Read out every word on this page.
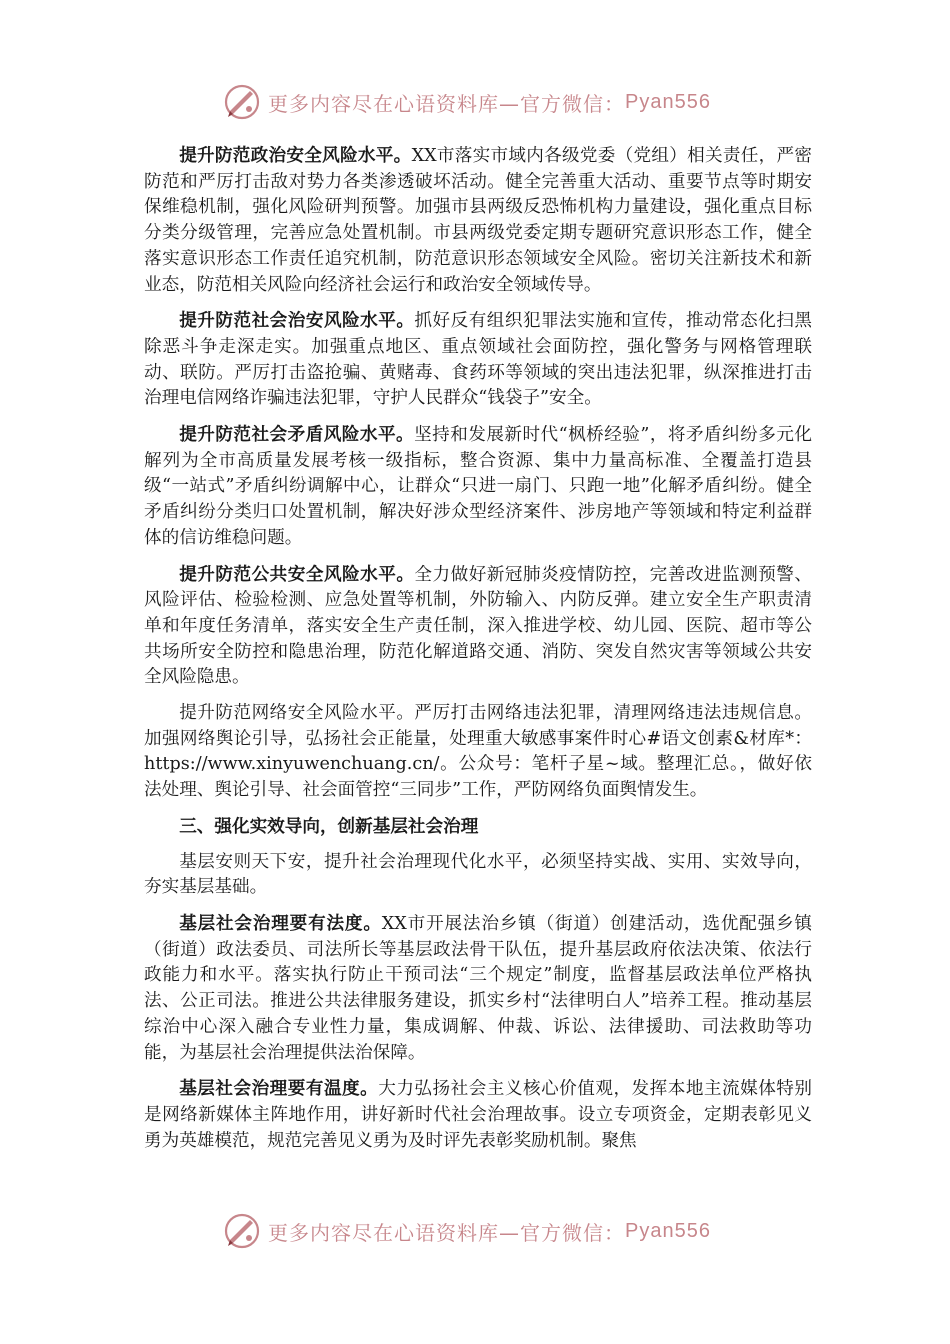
更多内容尽在心语资料库—官方微信： Pyan556

提升防范政治安全风险水平。XX市落实市域内各级党委（党组）相关责任，严密防范和严厉打击敌对势力各类渗透破坏活动。健全完善重大活动、重要节点等时期安保维稳机制，强化风险研判预警。加强市县两级反恐怖机构力量建设，强化重点目标分类分级管理，完善应急处置机制。市县两级党委定期专题研究意识形态工作，健全落实意识形态工作责任追究机制，防范意识形态领域安全风险。密切关注新技术和新业态，防范相关风险向经济社会运行和政治安全领域传导。

提升防范社会治安风险水平。抓好反有组织犯罪法实施和宣传，推动常态化扫黑除恶斗争走深走实。加强重点地区、重点领域社会面防控，强化警务与网格管理联动、联防。严厉打击盗抢骗、黄赌毒、食药环等领域的突出违法犯罪，纵深推进打击治理电信网络诈骗违法犯罪，守护人民群众“钱袋子”安全。

提升防范社会矛盾风险水平。坚持和发展新时代“枫桥经验”，将矛盾纠纷多元化解列为全市高质量发展考核一级指标，整合资源、集中力量高标准、全覆盖打造县级“一站式”矛盾纠纷调解中心，让群众“只进一扇门、只跑一地”化解矛盾纠纷。健全矛盾纠纷分类归口处置机制，解决好涉众型经济案件、涉房地产等领域和特定利益群体的信访维稳问题。

提升防范公共安全风险水平。全力做好新冠肺炎疫情防控，完善改进监测预警、风险评估、检验检测、应急处置等机制，外防输入、内防反弹。建立安全生产职责清单和年度任务清单，落实安全生产责任制，深入推进学校、幼儿园、医院、超市等公共场所安全防控和隐患治理，防范化解道路交通、消防、突发自然灾害等领域公共安全风险隐患。

提升防范网络安全风险水平。严厉打击网络违法犯罪，清理网络违法违规信息。加强网络舆论引导，弘扬社会正能量，处理重大敏感事案件时心#语文创素&材库*：https://www.xinyuwenchuang.cn/。公众号：笔杆子星~域。整理汇总。，做好依法处理、舆论引导、社会面管控“三同步”工作，严防网络负面舆情发生。

三、强化实效导向，创新基层社会治理

基层安则天下安，提升社会治理现代化水平，必须坚持实战、实用、实效导向，夯实基层基础。

基层社会治理要有法度。XX市开展法治乡镇（街道）创建活动，选优配强乡镇（街道）政法委员、司法所长等基层政法骨干队伍，提升基层政府依法决策、依法行政能力和水平。落实执行防止干预司法“三个规定”制度，监督基层政法单位严格执法、公正司法。推进公共法律服务建设，抓实乡村“法律明白人”培养工程。推动基层综治中心深入融合专业性力量，集成调解、仲裁、诉讼、法律援助、司法救助等功能，为基层社会治理提供法治保障。

基层社会治理要有温度。大力弘扬社会主义核心价值观，发挥本地主流媒体特别是网络新媒体主阵地作用，讲好新时代社会治理故事。设立专项资金，定期表彰见义勇为英雄模范，规范完善见义勇为及时评先表彰奖励机制。聚焦

更多内容尽在心语资料库—官方微信： Pyan556
